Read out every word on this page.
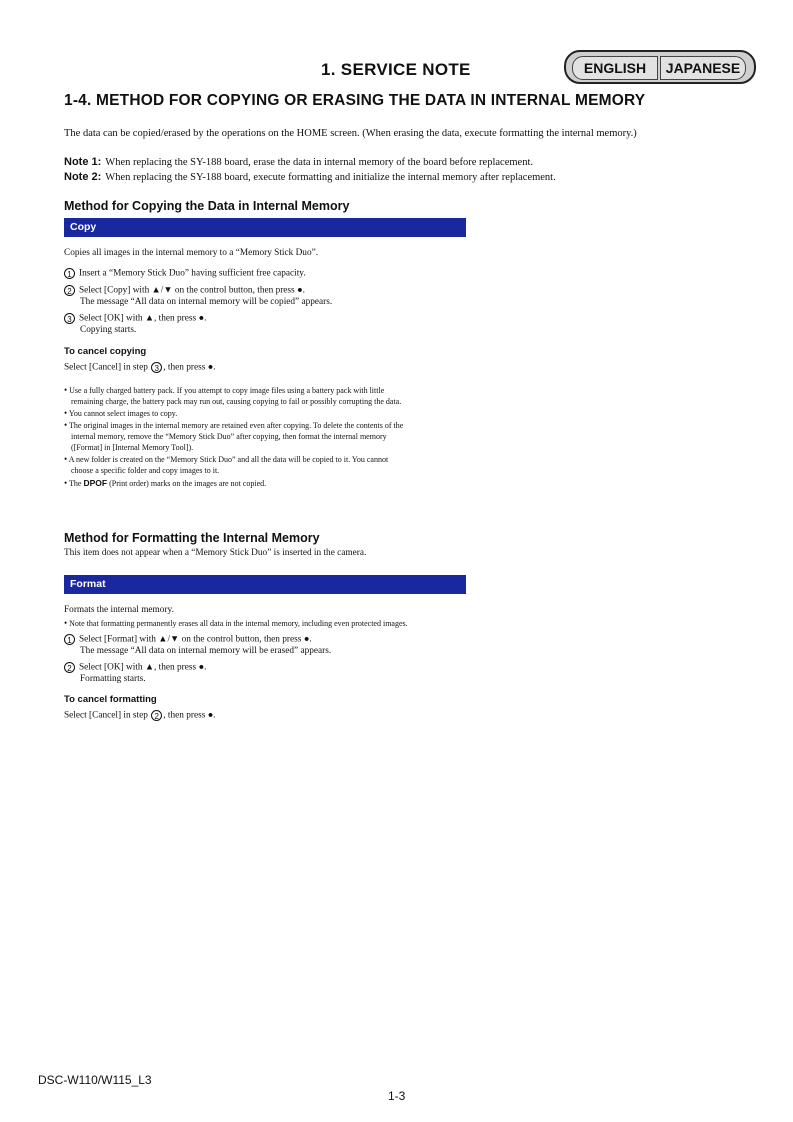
1. SERVICE NOTE	ENGLISH	JAPANESE
1-4. METHOD FOR COPYING OR ERASING THE DATA IN INTERNAL MEMORY
The data can be copied/erased by the operations on the HOME screen. (When erasing the data, execute formatting the internal memory.)
Note 1: When replacing the SY-188 board, erase the data in internal memory of the board before replacement.
Note 2: When replacing the SY-188 board, execute formatting and initialize the internal memory after replacement.
Method for Copying the Data in Internal Memory
Copy
Copies all images in the internal memory to a “Memory Stick Duo”.
1 Insert a “Memory Stick Duo” having sufficient free capacity.
2 Select [Copy] with ▲/▼ on the control button, then press ●.
The message “All data on internal memory will be copied” appears.
3 Select [OK] with ▲, then press ●.
Copying starts.
To cancel copying
Select [Cancel] in step 3 , then press ●.
• Use a fully charged battery pack. If you attempt to copy image files using a battery pack with little
remaining charge, the battery pack may run out, causing copying to fail or possibly corrupting the data.
• You cannot select images to copy.
• The original images in the internal memory are retained even after copying. To delete the contents of the
internal memory, remove the “Memory Stick Duo” after copying, then format the internal memory
([Format] in [Internal Memory Tool]).
• A new folder is created on the “Memory Stick Duo” and all the data will be copied to it. You cannot
choose a specific folder and copy images to it.
• The DPOF (Print order) marks on the images are not copied.
Method for Formatting the Internal Memory
This item does not appear when a “Memory Stick Duo” is inserted in the camera.
Format
Formats the internal memory.
• Note that formatting permanently erases all data in the internal memory, including even protected images.
1 Select [Format] with ▲/▼ on the control button, then press ●.
The message “All data on internal memory will be erased” appears.
2 Select [OK] with ▲, then press ●.
Formatting starts.
To cancel formatting
Select [Cancel] in step 2 , then press ●.
DSC-W110/W115_L3
1-3
